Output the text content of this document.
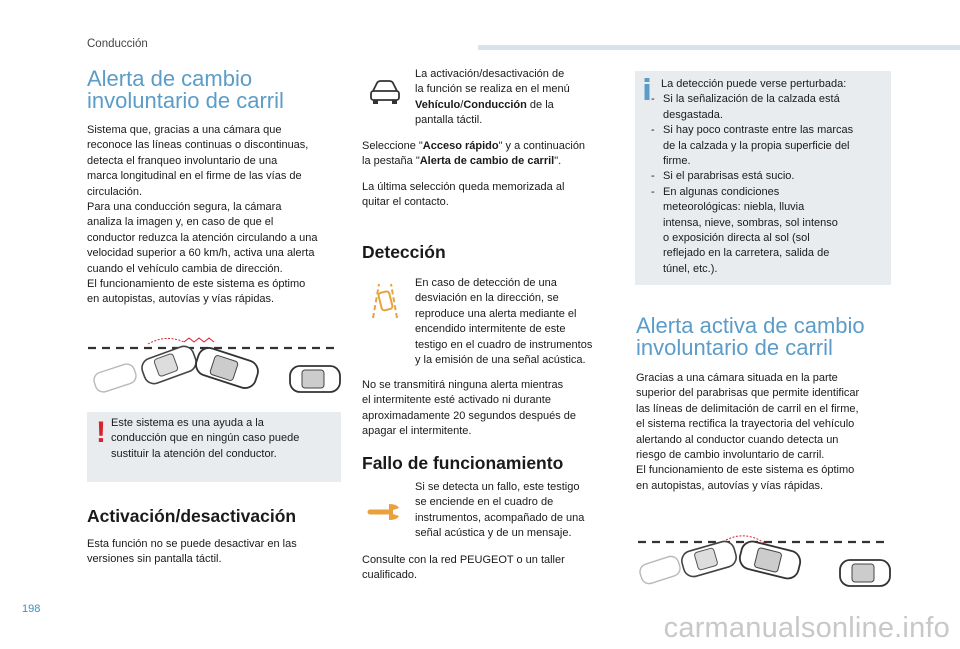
Conducción
Alerta de cambio
involuntario de carril

Sistema que, gracias a una cámara que
reconoce las líneas continuas o discontinuas,
detecta el franqueo involuntario de una
marca longitudinal en el firme de las vías de
circulación.
Para una conducción segura, la cámara
analiza la imagen y, en caso de que el
conductor reduzca la atención circulando a una
velocidad superior a 60 km/h, activa una alerta
cuando el vehículo cambia de dirección.
El funcionamiento de este sistema es óptimo
en autopistas, autovías y vías rápidas.

! Este sistema es una ayuda a la
conducción que en ningún caso puede
sustituir la atención del conductor.
Activación/desactivación

Esta función no se puede desactivar en las
versiones sin pantalla táctil.

La activación/desactivación de
la función se realiza en el menú
Vehículo/Conducción de la
pantalla táctil.

Seleccione "Acceso rápido" y a continuación
la pestaña "Alerta de cambio de carril".

La última selección queda memorizada al
quitar el contacto.

Detección
En caso de detección de una
desviación en la dirección, se
reproduce una alerta mediante el
encendido intermitente de este
testigo en el cuadro de instrumentos
y la emisión de una señal acústica.

No se transmitirá ninguna alerta mientras
el intermitente esté activado ni durante
aproximadamente 20 segundos después de
apagar el intermitente.

Fallo de funcionamiento
Si se detecta un fallo, este testigo
se enciende en el cuadro de
instrumentos, acompañado de una
señal acústica y de un mensaje.

Consulte con la red PEUGEOT o un taller
cualificado.

La detección puede verse perturbada:
- Si la señalización de la calzada está
desgastada.
- Si hay poco contraste entre las marcas
de la calzada y la propia superficie del
firme.
- Si el parabrisas está sucio.
- En algunas condiciones
meteorológicas: niebla, lluvia
intensa, nieve, sombras, sol intenso
o exposición directa al sol (sol
reflejado en la carretera, salida de
túnel, etc.).
Alerta activa de cambio
involuntario de carril

Gracias a una cámara situada en la parte
superior del parabrisas que permite identificar
las líneas de delimitación de carril en el firme,
el sistema rectifica la trayectoria del vehículo
alertando al conductor cuando detecta un
riesgo de cambio involuntario de carril.
El funcionamiento de este sistema es óptimo
en autopistas, autovías y vías rápidas.

198
carmanualsonline.info
